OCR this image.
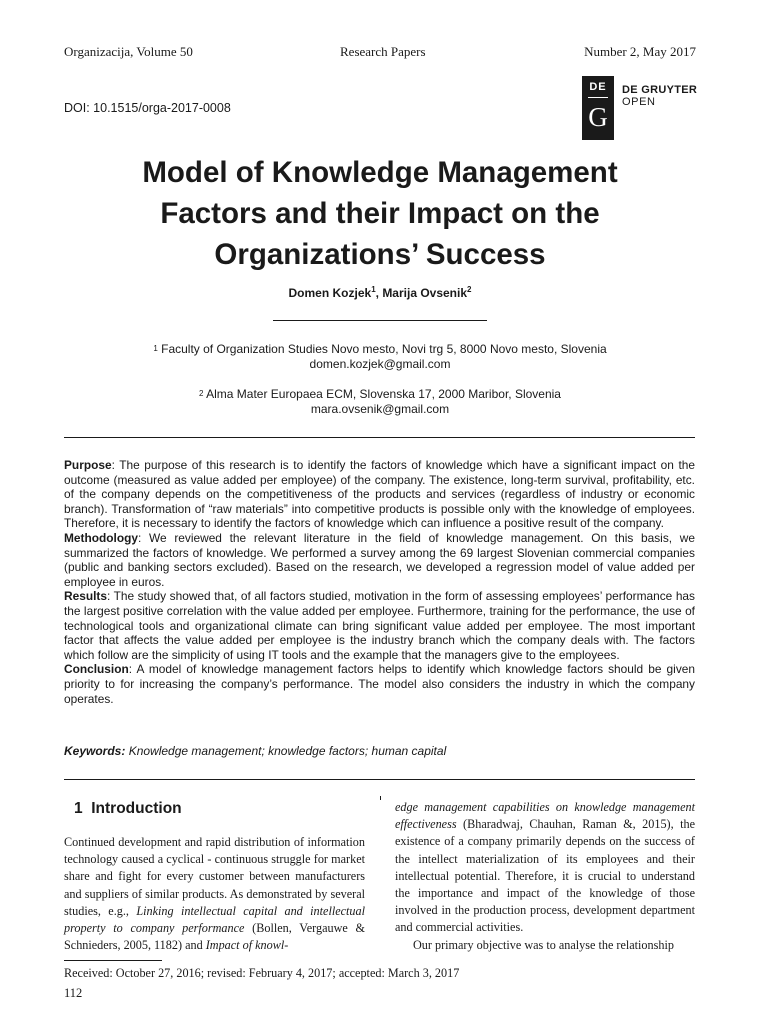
Organizacija, Volume 50	Research Papers	Number 2, May 2017
DOI: 10.1515/orga-2017-0008
DE
G
DE GRUYTER
OPEN
Model of Knowledge Management
Factors and their Impact on the
Organizations’ Success
Domen Kozjek$^1$, Marija Ovsenik$^2$
$^1$ Faculty of Organization Studies Novo mesto, Novi trg 5, 8000 Novo mesto, Slovenia
domen.kozjek@gmail.com
$^2$ Alma Mater Europaea ECM, Slovenska 17, 2000 Maribor, Slovenia
mara.ovsenik@gmail.com

Purpose: The purpose of this research is to identify the factors of knowledge which have a significant impact on the outcome (measured as value added per employee) of the company. The existence, long-term survival, profitability, etc. of the company depends on the competitiveness of the products and services (regardless of industry or economic branch). Transformation of “raw materials” into competitive products is possible only with the knowledge of employees. Therefore, it is necessary to identify the factors of knowledge which can influence a positive result of the company.

Methodology: We reviewed the relevant literature in the field of knowledge management. On this basis, we summarized the factors of knowledge. We performed a survey among the 69 largest Slovenian commercial companies (public and banking sectors excluded). Based on the research, we developed a regression model of value added per employee in euros.

Results: The study showed that, of all factors studied, motivation in the form of assessing employees’ performance has the largest positive correlation with the value added per employee. Furthermore, training for the performance, the use of technological tools and organizational climate can bring significant value added per employee. The most important factor that affects the value added per employee is the industry branch which the company deals with. The factors which follow are the simplicity of using IT tools and the example that the managers give to the employees.

Conclusion: A model of knowledge management factors helps to identify which knowledge factors should be given priority to for increasing the company’s performance. The model also considers the industry in which the company operates.

Keywords: Knowledge management; knowledge factors; human capital
1 Introduction

Continued development and rapid distribution of information technology caused a cyclical - continuous struggle for market share and fight for every customer between manufacturers and suppliers of similar products. As demonstrated by several studies, e.g., Linking intellectual capital and intellectual property to company performance (Bollen, Vergauwe & Schnieders, 2005, 1182) and Impact of knowl-

edge management capabilities on knowledge management effectiveness (Bharadwaj, Chauhan, Raman &, 2015), the existence of a company primarily depends on the success of the intellect materialization of its employees and their intellectual potential. Therefore, it is crucial to understand the importance and impact of the knowledge of those involved in the production process, development department and commercial activities.

Our primary objective was to analyse the relationship

Received: October 27, 2016; revised: February 4, 2017; accepted: March 3, 2017
112
